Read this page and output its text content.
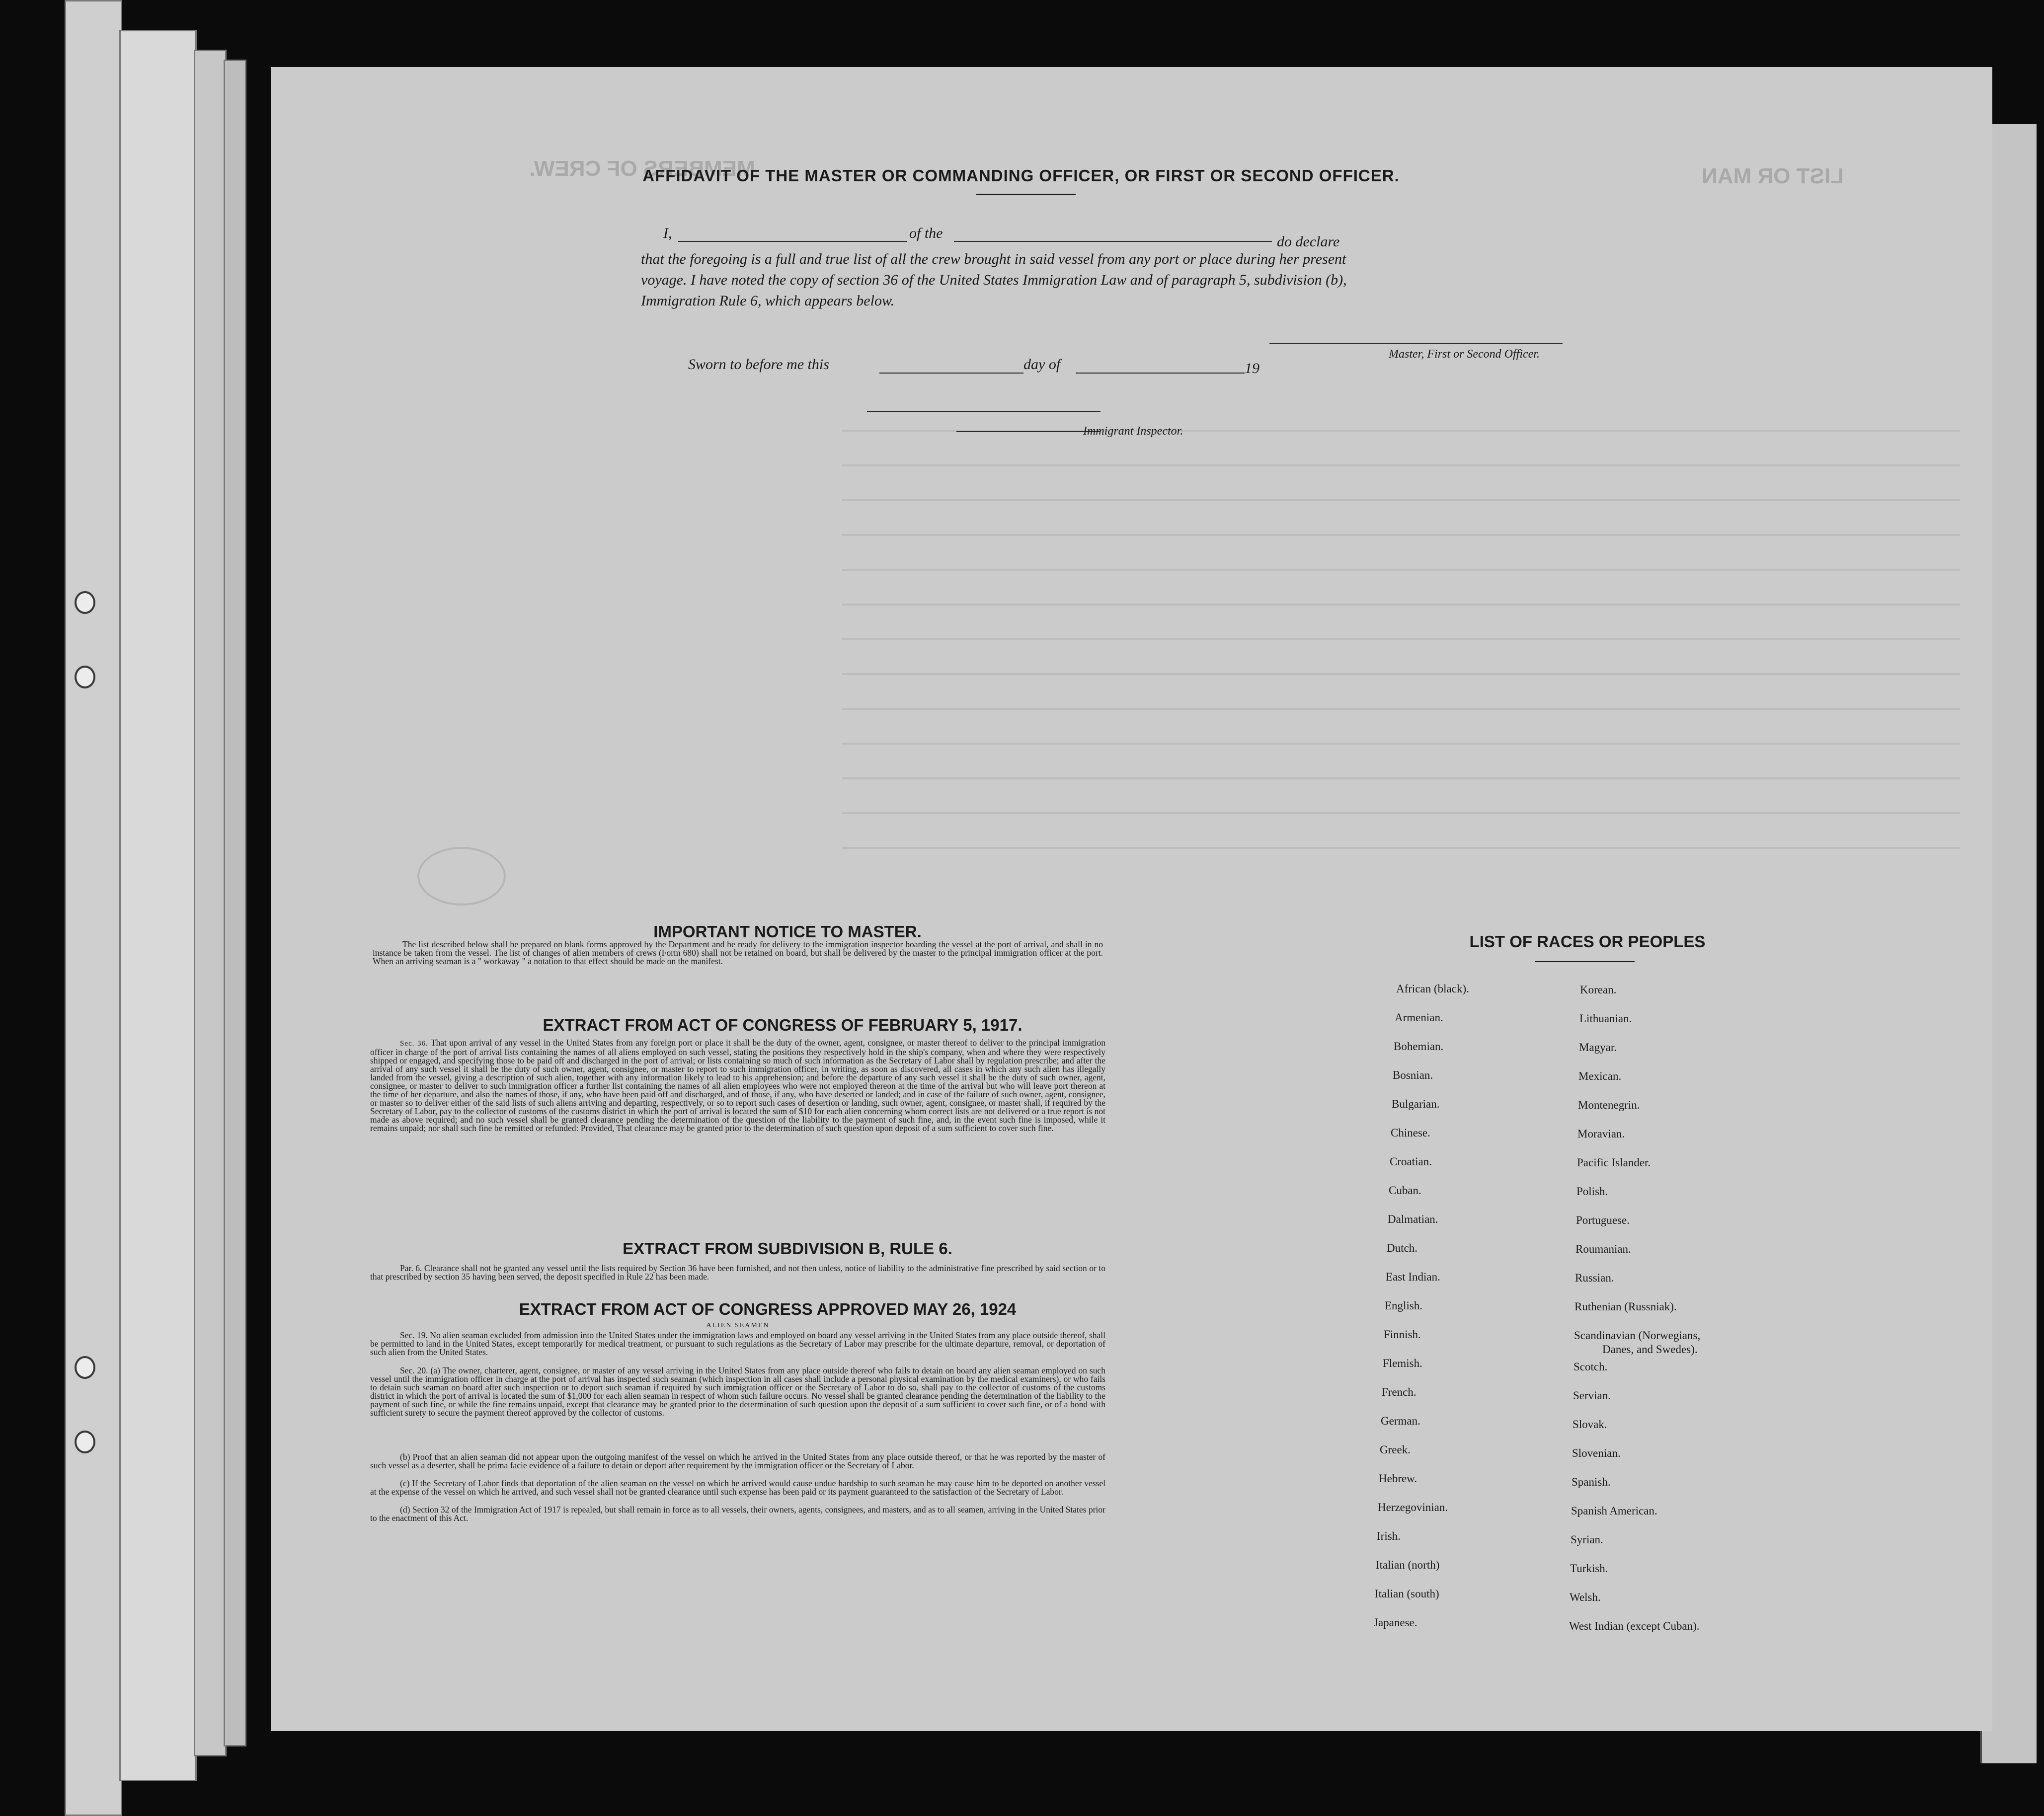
LIST OR MAN
MEMBERS OF CREW.
AFFIDAVIT OF THE MASTER OR COMMANDING OFFICER, OR FIRST OR SECOND OFFICER.
I,	of the
do declare
that the foregoing is a full and true list of all the crew brought in said vessel from any port or place during her present
voyage. I have noted the copy of section 36 of the United States Immigration Law and of paragraph 5, subdivision (b),
Immigration Rule 6, which appears below.
Master, First or Second Officer.
Sworn to before me this	day of	19
Immigrant Inspector.
IMPORTANT NOTICE TO MASTER.
The list described below shall be prepared on blank forms approved by the Department and be ready for delivery to the immigration inspector boarding the vessel at the port of arrival, and shall in no instance be taken from the vessel. The list of changes of alien members of crews (Form 680) shall not be retained on board, but shall be delivered by the master to the principal immigration officer at the port. When an arriving seaman is a " workaway " a notation to that effect should be made on the manifest.
EXTRACT FROM ACT OF CONGRESS OF FEBRUARY 5, 1917.
Sec. 36. That upon arrival of any vessel in the United States from any foreign port or place it shall be the duty of the owner, agent, consignee, or master thereof to deliver to the principal immigration officer in charge of the port of arrival lists containing the names of all aliens employed on such vessel, stating the positions they respectively hold in the ship's company, when and where they were respectively shipped or engaged, and specifying those to be paid off and discharged in the port of arrival; or lists containing so much of such information as the Secretary of Labor shall by regulation prescribe; and after the arrival of any such vessel it shall be the duty of such owner, agent, consignee, or master to report to such immigration officer, in writing, as soon as discovered, all cases in which any such alien has illegally landed from the vessel, giving a description of such alien, together with any information likely to lead to his apprehension; and before the departure of any such vessel it shall be the duty of such owner, agent, consignee, or master to deliver to such immigration officer a further list containing the names of all alien employees who were not employed thereon at the time of the arrival but who will leave port thereon at the time of her departure, and also the names of those, if any, who have been paid off and discharged, and of those, if any, who have deserted or landed; and in case of the failure of such owner, agent, consignee, or master so to deliver either of the said lists of such aliens arriving and departing, respectively, or so to report such cases of desertion or landing, such owner, agent, consignee, or master shall, if required by the Secretary of Labor, pay to the collector of customs of the customs district in which the port of arrival is located the sum of $10 for each alien concerning whom correct lists are not delivered or a true report is not made as above required; and no such vessel shall be granted clearance pending the determination of the question of the liability to the payment of such fine, and, in the event such fine is imposed, while it remains unpaid; nor shall such fine be remitted or refunded: Provided, That clearance may be granted prior to the determination of such question upon deposit of a sum sufficient to cover such fine.
EXTRACT FROM SUBDIVISION B, RULE 6.
Par. 6. Clearance shall not be granted any vessel until the lists required by Section 36 have been furnished, and not then unless, notice of liability to the administrative fine prescribed by said section or to that prescribed by section 35 having been served, the deposit specified in Rule 22 has been made.
EXTRACT FROM ACT OF CONGRESS APPROVED MAY 26, 1924
ALIEN SEAMEN
Sec. 19. No alien seaman excluded from admission into the United States under the immigration laws and employed on board any vessel arriving in the United States from any place outside thereof, shall be permitted to land in the United States, except temporarily for medical treatment, or pursuant to such regulations as the Secretary of Labor may prescribe for the ultimate departure, removal, or deportation of such alien from the United States.
Sec. 20. (a) The owner, charterer, agent, consignee, or master of any vessel arriving in the United States from any place outside thereof who fails to detain on board any alien seaman employed on such vessel until the immigration officer in charge at the port of arrival has inspected such seaman (which inspection in all cases shall include a personal physical examination by the medical examiners), or who fails to detain such seaman on board after such inspection or to deport such seaman if required by such immigration officer or the Secretary of Labor to do so, shall pay to the collector of customs of the customs district in which the port of arrival is located the sum of $1,000 for each alien seaman in respect of whom such failure occurs. No vessel shall be granted clearance pending the determination of the liability to the payment of such fine, or while the fine remains unpaid, except that clearance may be granted prior to the determination of such question upon the deposit of a sum sufficient to cover such fine, or of a bond with sufficient surety to secure the payment thereof approved by the collector of customs.
(b) Proof that an alien seaman did not appear upon the outgoing manifest of the vessel on which he arrived in the United States from any place outside thereof, or that he was reported by the master of such vessel as a deserter, shall be prima facie evidence of a failure to detain or deport after requirement by the immigration officer or the Secretary of Labor.
(c) If the Secretary of Labor finds that deportation of the alien seaman on the vessel on which he arrived would cause undue hardship to such seaman he may cause him to be deported on another vessel at the expense of the vessel on which he arrived, and such vessel shall not be granted clearance until such expense has been paid or its payment guaranteed to the satisfaction of the Secretary of Labor.
(d) Section 32 of the Immigration Act of 1917 is repealed, but shall remain in force as to all vessels, their owners, agents, consignees, and masters, and as to all seamen, arriving in the United States prior to the enactment of this Act.
LIST OF RACES OR PEOPLES
African (black).
Armenian.
Bohemian.
Bosnian.
Bulgarian.
Chinese.
Croatian.
Cuban.
Dalmatian.
Dutch.
East Indian.
English.
Finnish.
Flemish.
French.
German.
Greek.
Hebrew.
Herzegovinian.
Irish.
Italian (north)
Italian (south)
Japanese.
Korean.
Lithuanian.
Magyar.
Mexican.
Montenegrin.
Moravian.
Pacific Islander.
Polish.
Portuguese.
Roumanian.
Russian.
Ruthenian (Russniak).
Scandinavian (Norwegians,
Danes, and Swedes).
Scotch.
Servian.
Slovak.
Slovenian.
Spanish.
Spanish American.
Syrian.
Turkish.
Welsh.
West Indian (except Cuban).
